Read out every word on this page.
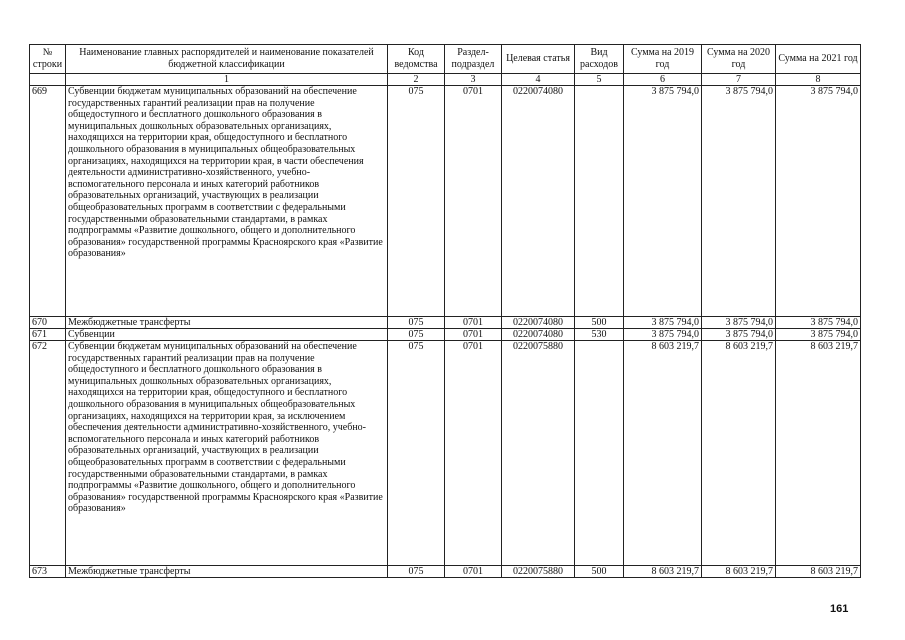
№ строки	Наименование главных распорядителей и наименование показателей бюджетной классификации	Код ведомства	Раздел-подраздел	Целевая статья	Вид расходов	Сумма на 2019 год	Сумма на 2020 год	Сумма на 2021 год
	1	2	3	4	5	6	7	8
669	Субвенции бюджетам муниципальных образований на обеспечение государственных гарантий реализации прав на получение общедоступного и бесплатного дошкольного образования в муниципальных дошкольных образовательных организациях, находящихся на территории края, общедоступного и бесплатного дошкольного образования в муниципальных общеобразовательных организациях, находящихся на территории края, в части обеспечения деятельности административно-хозяйственного, учебно-вспомогательного персонала и иных категорий работников образовательных организаций, участвующих в реализации общеобразовательных программ в соответствии с федеральными государственными образовательными стандартами, в рамках подпрограммы «Развитие дошкольного, общего и дополнительного образования» государственной программы Красноярского края «Развитие образования»	075	0701	0220074080		3 875 794,0	3 875 794,0	3 875 794,0
670	Межбюджетные трансферты	075	0701	0220074080	500	3 875 794,0	3 875 794,0	3 875 794,0
671	Субвенции	075	0701	0220074080	530	3 875 794,0	3 875 794,0	3 875 794,0
672	Субвенции бюджетам муниципальных образований на обеспечение государственных гарантий реализации прав на получение общедоступного и бесплатного дошкольного образования в муниципальных дошкольных образовательных организациях, находящихся на территории края, общедоступного и бесплатного дошкольного образования в муниципальных общеобразовательных организациях, находящихся на территории края, за исключением обеспечения деятельности административно-хозяйственного, учебно-вспомогательного персонала и иных категорий работников образовательных организаций, участвующих в реализации общеобразовательных программ в соответствии с федеральными государственными образовательными стандартами, в рамках подпрограммы «Развитие дошкольного, общего и дополнительного образования» государственной программы Красноярского края «Развитие образования»	075	0701	0220075880		8 603 219,7	8 603 219,7	8 603 219,7
673	Межбюджетные трансферты	075	0701	0220075880	500	8 603 219,7	8 603 219,7	8 603 219,7
161
